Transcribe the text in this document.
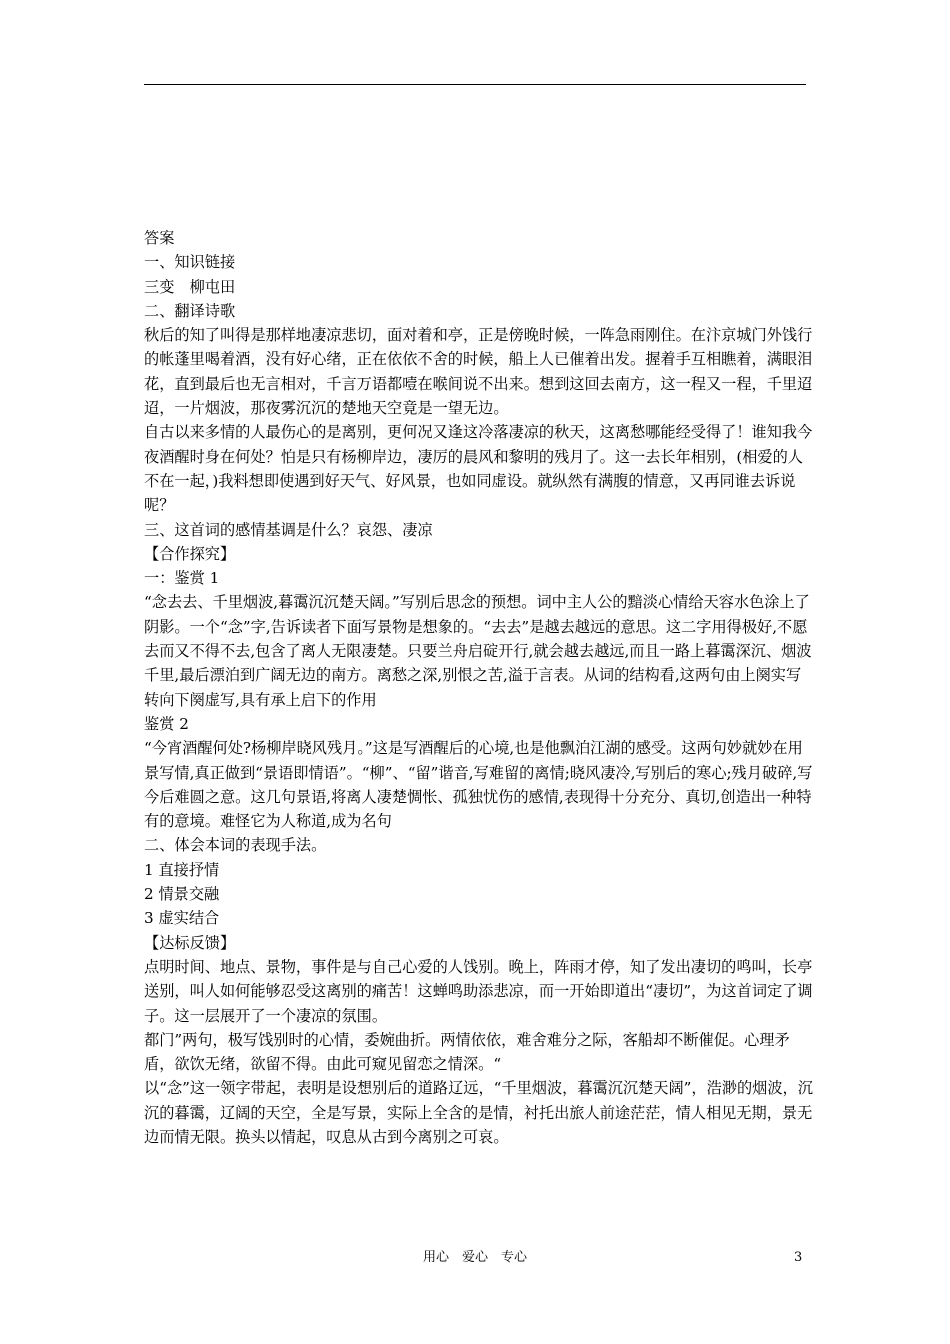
答案

一、知识链接

三变　柳屯田

二、翻译诗歌

秋后的知了叫得是那样地凄凉悲切，面对着和亭，正是傍晚时候，一阵急雨刚住。在汴京城门外饯行的帐蓬里喝着酒，没有好心绪，正在依依不舍的时候，船上人已催着出发。握着手互相瞧着，满眼泪花，直到最后也无言相对，千言万语都噎在喉间说不出来。想到这回去南方，这一程又一程，千里迢迢，一片烟波，那夜雾沉沉的楚地天空竟是一望无边。

自古以来多情的人最伤心的是离别，更何况又逢这冷落凄凉的秋天，这离愁哪能经受得了！谁知我今夜酒醒时身在何处？怕是只有杨柳岸边，凄厉的晨风和黎明的残月了。这一去长年相别，(相爱的人不在一起，)我料想即使遇到好天气、好风景，也如同虚设。就纵然有满腹的情意，又再同谁去诉说呢？

三、这首词的感情基调是什么？哀怨、凄凉

【合作探究】

一：鉴赏 1

“念去去、千里烟波,暮霭沉沉楚天阔。”写别后思念的预想。词中主人公的黯淡心情给天容水色涂上了阴影。一个“念”字,告诉读者下面写景物是想象的。“去去”是越去越远的意思。这二字用得极好,不愿去而又不得不去,包含了离人无限凄楚。只要兰舟启碇开行,就会越去越远,而且一路上暮霭深沉、烟波千里,最后漂泊到广阔无边的南方。离愁之深,别恨之苦,溢于言表。从词的结构看,这两句由上阕实写转向下阕虚写,具有承上启下的作用

鉴赏 2

“今宵酒醒何处?杨柳岸晓风残月。”这是写酒醒后的心境,也是他飘泊江湖的感受。这两句妙就妙在用景写情,真正做到“景语即情语”。“柳”、“留”谐音,写难留的离情;晓风凄冷,写别后的寒心;残月破碎,写今后难圆之意。这几句景语,将离人凄楚惆怅、孤独忧伤的感情,表现得十分充分、真切,创造出一种特有的意境。难怪它为人称道,成为名句

二、体会本词的表现手法。

1 直接抒情

2 情景交融

3 虚实结合

【达标反馈】

点明时间、地点、景物，事件是与自己心爱的人饯别。晚上，阵雨才停，知了发出凄切的鸣叫，长亭送别，叫人如何能够忍受这离别的痛苦！这蝉鸣助添悲凉，而一开始即道出“凄切”，为这首词定了调子。这一层展开了一个凄凉的氛围。

都门”两句，极写饯别时的心情，委婉曲折。两情依依，难舍难分之际，客船却不断催促。心理矛盾，欲饮无绪，欲留不得。由此可窥见留恋之情深。“

以“念”这一领字带起，表明是设想别后的道路辽远，“千里烟波，暮霭沉沉楚天阔”，浩渺的烟波，沉沉的暮霭，辽阔的天空，全是写景，实际上全含的是情，衬托出旅人前途茫茫，情人相见无期，景无边而情无限。换头以情起，叹息从古到今离别之可哀。

用心　爱心　专心	3
